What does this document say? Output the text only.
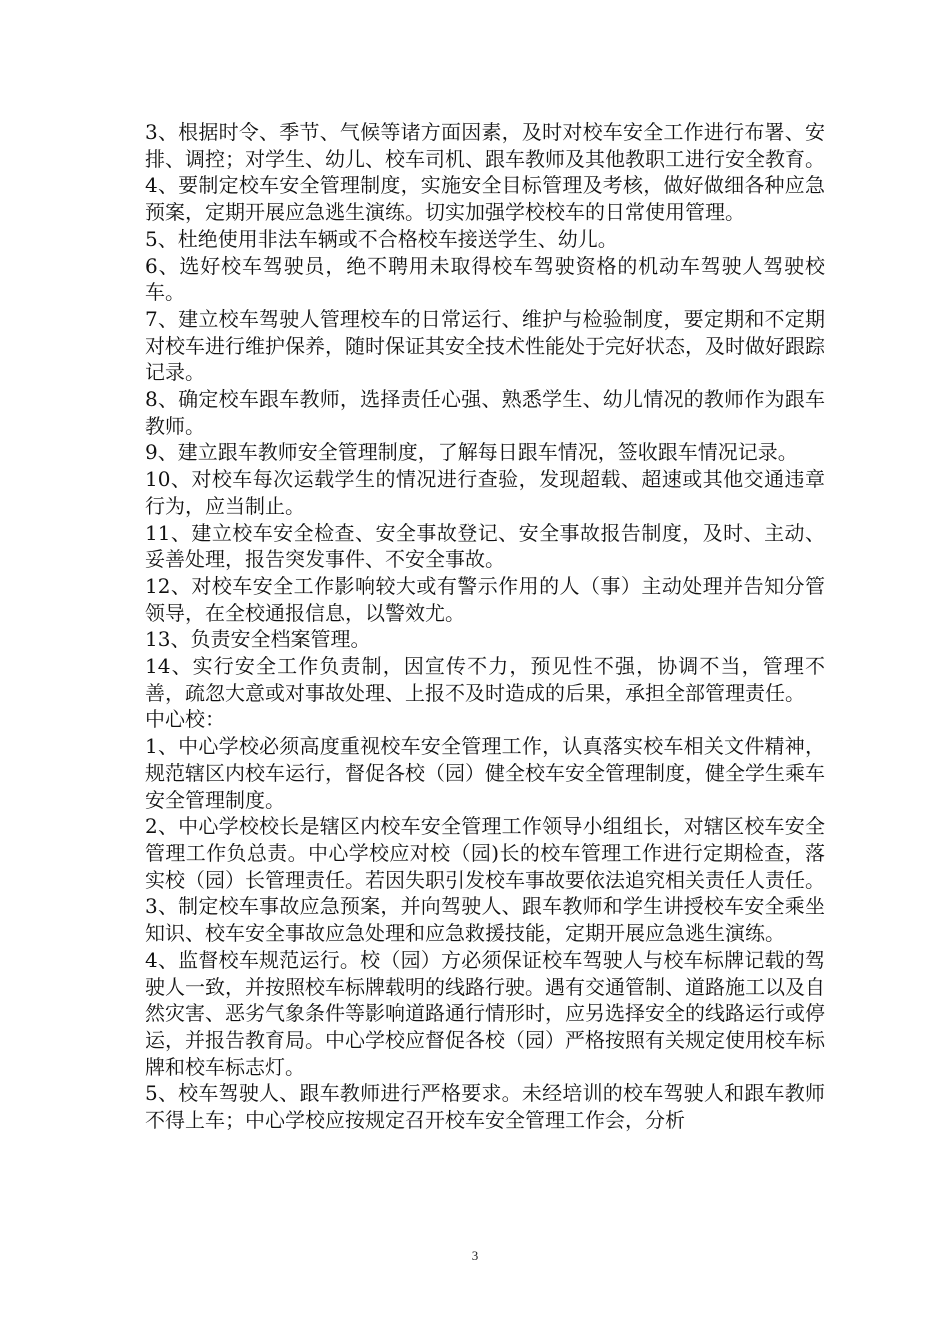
3、根据时令、季节、气候等诸方面因素，及时对校车安全工作进行布署、安排、调控；对学生、幼儿、校车司机、跟车教师及其他教职工进行安全教育。

4、要制定校车安全管理制度，实施安全目标管理及考核，做好做细各种应急预案，定期开展应急逃生演练。切实加强学校校车的日常使用管理。

5、杜绝使用非法车辆或不合格校车接送学生、幼儿。

6、选好校车驾驶员，绝不聘用未取得校车驾驶资格的机动车驾驶人驾驶校车。

7、建立校车驾驶人管理校车的日常运行、维护与检验制度，要定期和不定期对校车进行维护保养，随时保证其安全技术性能处于完好状态，及时做好跟踪记录。

8、确定校车跟车教师，选择责任心强、熟悉学生、幼儿情况的教师作为跟车教师。

9、建立跟车教师安全管理制度，了解每日跟车情况，签收跟车情况记录。

10、对校车每次运载学生的情况进行查验，发现超载、超速或其他交通违章行为，应当制止。

11、建立校车安全检查、安全事故登记、安全事故报告制度，及时、主动、妥善处理，报告突发事件、不安全事故。

12、对校车安全工作影响较大或有警示作用的人（事）主动处理并告知分管领导，在全校通报信息，以警效尤。

13、负责安全档案管理。

14、实行安全工作负责制，因宣传不力，预见性不强，协调不当，管理不善，疏忽大意或对事故处理、上报不及时造成的后果，承担全部管理责任。

中心校：

1、中心学校必须高度重视校车安全管理工作，认真落实校车相关文件精神，规范辖区内校车运行，督促各校（园）健全校车安全管理制度，健全学生乘车安全管理制度。

2、中心学校校长是辖区内校车安全管理工作领导小组组长，对辖区校车安全管理工作负总责。中心学校应对校（园)长的校车管理工作进行定期检查，落实校（园）长管理责任。若因失职引发校车事故要依法追究相关责任人责任。

3、制定校车事故应急预案，并向驾驶人、跟车教师和学生讲授校车安全乘坐知识、校车安全事故应急处理和应急救援技能，定期开展应急逃生演练。

4、监督校车规范运行。校（园）方必须保证校车驾驶人与校车标牌记载的驾驶人一致，并按照校车标牌载明的线路行驶。遇有交通管制、道路施工以及自然灾害、恶劣气象条件等影响道路通行情形时，应另选择安全的线路运行或停运，并报告教育局。中心学校应督促各校（园）严格按照有关规定使用校车标牌和校车标志灯。

5、校车驾驶人、跟车教师进行严格要求。未经培训的校车驾驶人和跟车教师不得上车；中心学校应按规定召开校车安全管理工作会，分析

3
